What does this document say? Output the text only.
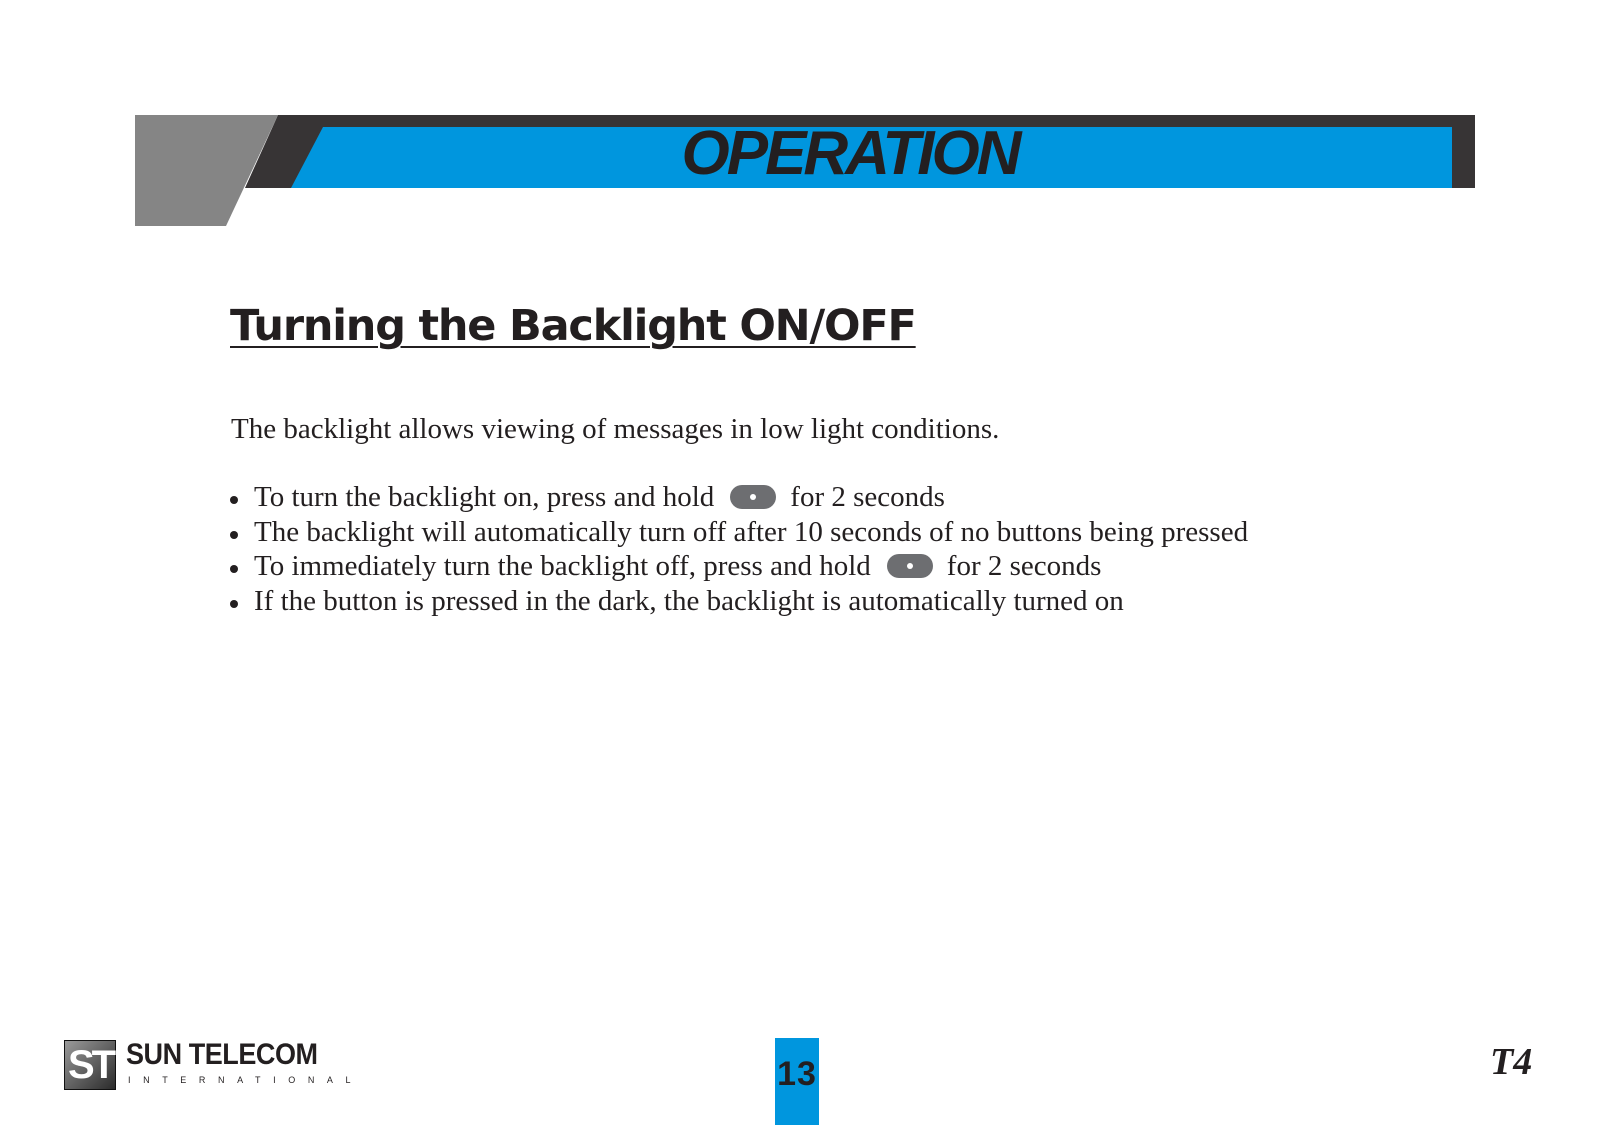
OPERATION
Turning the Backlight ON/OFF
The backlight allows viewing of messages in low light conditions.
To turn the backlight on, press and hold	for 2 seconds
The backlight will automatically turn off after 10 seconds of no buttons being pressed
To immediately turn the backlight off, press and hold	for 2 seconds
If the button is pressed in the dark, the backlight is automatically turned on
ST SUN TELECOM
INTERNATIONAL	13	T4
